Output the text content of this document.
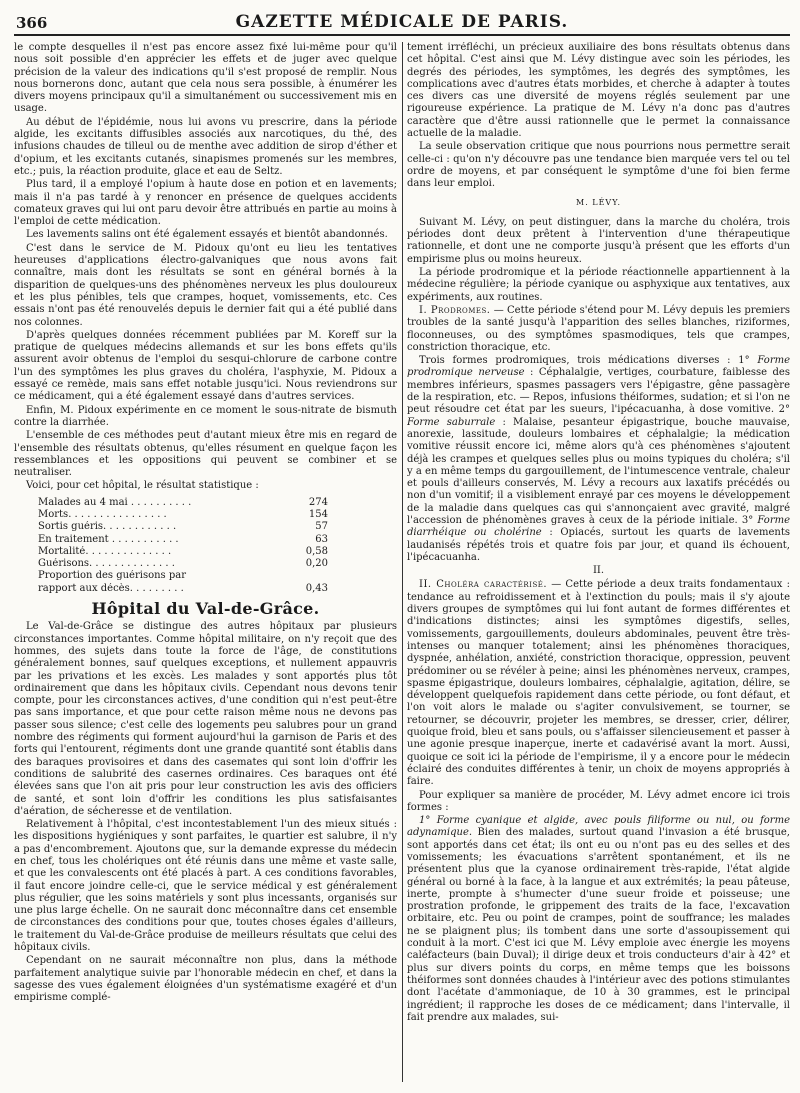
366	GAZETTE MÉDICALE DE PARIS.

le compte desquelles il n'est pas encore assez fixé lui-même pour qu'il nous soit possible d'en apprécier les effets et de juger avec quelque précision de la valeur des indications qu'il s'est proposé de remplir. Nous nous bornerons donc, autant que cela nous sera possible, à énumérer les divers moyens principaux qu'il a simultanément ou successivement mis en usage.

Au début de l'épidémie, nous lui avons vu prescrire, dans la période algide, les excitants diffusibles associés aux narcotiques, du thé, des infusions chaudes de tilleul ou de menthe avec addition de sirop d'éther et d'opium, et les excitants cutanés, sinapismes promenés sur les membres, etc.; puis, la réaction produite, glace et eau de Seltz.

Plus tard, il a employé l'opium à haute dose en potion et en lavements; mais il n'a pas tardé à y renoncer en présence de quelques accidents comateux graves qui lui ont paru devoir être attribués en partie au moins à l'emploi de cette médication.

Les lavements salins ont été également essayés et bientôt abandonnés.

C'est dans le service de M. Pidoux qu'ont eu lieu les tentatives heureuses d'applications électro-galvaniques que nous avons fait connaître, mais dont les résultats se sont en général bornés à la disparition de quelques-uns des phénomènes nerveux les plus douloureux et les plus pénibles, tels que crampes, hoquet, vomissements, etc. Ces essais n'ont pas été renouvelés depuis le dernier fait qui a été publié dans nos colonnes.

D'après quelques données récemment publiées par M. Koreff sur la pratique de quelques médecins allemands et sur les bons effets qu'ils assurent avoir obtenus de l'emploi du sesqui-chlorure de carbone contre l'un des symptômes les plus graves du choléra, l'asphyxie, M. Pidoux a essayé ce remède, mais sans effet notable jusqu'ici. Nous reviendrons sur ce médicament, qui a été également essayé dans d'autres services.

Enfin, M. Pidoux expérimente en ce moment le sous-nitrate de bismuth contre la diarrhée.

L'ensemble de ces méthodes peut d'autant mieux être mis en regard de l'ensemble des résultats obtenus, qu'elles résument en quelque façon les ressemblances et les oppositions qui peuvent se combiner et se neutraliser.

Voici, pour cet hôpital, le résultat statistique :

Malades au 4 mai . . . . . . . . . .	274
Morts. . . . . . . . . . . . . . . .	154
Sortis guéris. . . . . . . . . . . .	57
En traitement . . . . . . . . . . .	63
Mortalité. . . . . . . . . . . . . .	0,58
Guérisons. . . . . . . . . . . . . .	0,20
Proportion des guérisons par
rapport aux décès. . . . . . . . .	0,43
Hôpital du Val-de-Grâce.

Le Val-de-Grâce se distingue des autres hôpitaux par plusieurs circonstances importantes. Comme hôpital militaire, on n'y reçoit que des hommes, des sujets dans toute la force de l'âge, de constitutions généralement bonnes, sauf quelques exceptions, et nullement appauvris par les privations et les excès. Les malades y sont apportés plus tôt ordinairement que dans les hôpitaux civils. Cependant nous devons tenir compte, pour les circonstances actives, d'une condition qui n'est peut-être pas sans importance, et que pour cette raison même nous ne devons pas passer sous silence; c'est celle des logements peu salubres pour un grand nombre des régiments qui forment aujourd'hui la garnison de Paris et des forts qui l'entourent, régiments dont une grande quantité sont établis dans des baraques provisoires et dans des casemates qui sont loin d'offrir les conditions de salubrité des casernes ordinaires. Ces baraques ont été élevées sans que l'on ait pris pour leur construction les avis des officiers de santé, et sont loin d'offrir les conditions les plus satisfaisantes d'aération, de sécheresse et de ventilation.

Relativement à l'hôpital, c'est incontestablement l'un des mieux situés : les dispositions hygiéniques y sont parfaites, le quartier est salubre, il n'y a pas d'encombrement. Ajoutons que, sur la demande expresse du médecin en chef, tous les cholériques ont été réunis dans une même et vaste salle, et que les convalescents ont été placés à part. A ces conditions favorables, il faut encore joindre celle-ci, que le service médical y est généralement plus régulier, que les soins matériels y sont plus incessants, organisés sur une plus large échelle. On ne saurait donc méconnaître dans cet ensemble de circonstances des conditions pour que, toutes choses égales d'ailleurs, le traitement du Val-de-Grâce produise de meilleurs résultats que celui des hôpitaux civils.

Cependant on ne saurait méconnaître non plus, dans la méthode parfaitement analytique suivie par l'honorable médecin en chef, et dans la sagesse des vues également éloignées d'un systématisme exagéré et d'un empirisme complé-

tement irréfléchi, un précieux auxiliaire des bons résultats obtenus dans cet hôpital. C'est ainsi que M. Lévy distingue avec soin les périodes, les degrés des périodes, les symptômes, les degrés des symptômes, les complications avec d'autres états morbides, et cherche à adapter à toutes ces divers cas une diversité de moyens réglés seulement par une rigoureuse expérience. La pratique de M. Lévy n'a donc pas d'autres caractère que d'être aussi rationnelle que le permet la connaissance actuelle de la maladie.

La seule observation critique que nous pourrions nous permettre serait celle-ci : qu'on n'y découvre pas une tendance bien marquée vers tel ou tel ordre de moyens, et par conséquent le symptôme d'une foi bien ferme dans leur emploi.

M. LÉVY.

Suivant M. Lévy, on peut distinguer, dans la marche du choléra, trois périodes dont deux prêtent à l'intervention d'une thérapeutique rationnelle, et dont une ne comporte jusqu'à présent que les efforts d'un empirisme plus ou moins heureux.

La période prodromique et la période réactionnelle appartiennent à la médecine régulière; la période cyanique ou asphyxique aux tentatives, aux expériments, aux routines.

I. Prodromes. — Cette période s'étend pour M. Lévy depuis les premiers troubles de la santé jusqu'à l'apparition des selles blanches, riziformes, floconneuses, ou des symptômes spasmodiques, tels que crampes, constriction thoracique, etc.

Trois formes prodromiques, trois médications diverses : 1° Forme prodromique nerveuse : Céphalalgie, vertiges, courbature, faiblesse des membres inférieurs, spasmes passagers vers l'épigastre, gêne passagère de la respiration, etc. — Repos, infusions théiformes, sudation; et si l'on ne peut résoudre cet état par les sueurs, l'ipécacuanha, à dose vomitive. 2° Forme saburrale : Malaise, pesanteur épigastrique, bouche mauvaise, anorexie, lassitude, douleurs lombaires et céphalalgie; la médication vomitive réussit encore ici, même alors qu'à ces phénomènes s'ajoutent déjà les crampes et quelques selles plus ou moins typiques du choléra; s'il y a en même temps du gargouillement, de l'intumescence ventrale, chaleur et pouls d'ailleurs conservés, M. Lévy a recours aux laxatifs précédés ou non d'un vomitif; il a visiblement enrayé par ces moyens le développement de la maladie dans quelques cas qui s'annonçaient avec gravité, malgré l'accession de phénomènes graves à ceux de la période initiale. 3° Forme diarrhéique ou cholérine : Opiacés, surtout les quarts de lavements laudanisés répétés trois et quatre fois par jour, et quand ils échouent, l'ipécacuanha.

II.

II. Choléra caractérisé. — Cette période a deux traits fondamentaux : tendance au refroidissement et à l'extinction du pouls; mais il s'y ajoute divers groupes de symptômes qui lui font autant de formes différentes et d'indications distinctes; ainsi les symptômes digestifs, selles, vomissements, gargouillements, douleurs abdominales, peuvent être très-intenses ou manquer totalement; ainsi les phénomènes thoraciques, dyspnée, anhélation, anxiété, constriction thoracique, oppression, peuvent prédominer ou se révéler à peine; ainsi les phénomènes nerveux, crampes, spasme épigastrique, douleurs lombaires, céphalalgie, agitation, délire, se développent quelquefois rapidement dans cette période, ou font défaut, et l'on voit alors le malade ou s'agiter convulsivement, se tourner, se retourner, se découvrir, projeter les membres, se dresser, crier, délirer, quoique froid, bleu et sans pouls, ou s'affaisser silencieusement et passer à une agonie presque inaperçue, inerte et cadavérisé avant la mort. Aussi, quoique ce soit ici la période de l'empirisme, il y a encore pour le médecin éclairé des conduites différentes à tenir, un choix de moyens appropriés à faire.

Pour expliquer sa manière de procéder, M. Lévy admet encore ici trois formes :

1° Forme cyanique et algide, avec pouls filiforme ou nul, ou forme adynamique. Bien des malades, surtout quand l'invasion a été brusque, sont apportés dans cet état; ils ont eu ou n'ont pas eu des selles et des vomissements; les évacuations s'arrêtent spontanément, et ils ne présentent plus que la cyanose ordinairement très-rapide, l'état algide général ou borné à la face, à la langue et aux extrémités; la peau pâteuse, inerte, prompte à s'humecter d'une sueur froide et poisseuse; une prostration profonde, le grippement des traits de la face, l'excavation orbitaire, etc. Peu ou point de crampes, point de souffrance; les malades ne se plaignent plus; ils tombent dans une sorte d'assoupissement qui conduit à la mort. C'est ici que M. Lévy emploie avec énergie les moyens caléfacteurs (bain Duval); il dirige deux et trois conducteurs d'air à 42° et plus sur divers points du corps, en même temps que les boissons théiformes sont données chaudes à l'intérieur avec des potions stimulantes dont l'acétate d'ammoniaque, de 10 à 30 grammes, est le principal ingrédient; il rapproche les doses de ce médicament; dans l'intervalle, il fait prendre aux malades, sui-
